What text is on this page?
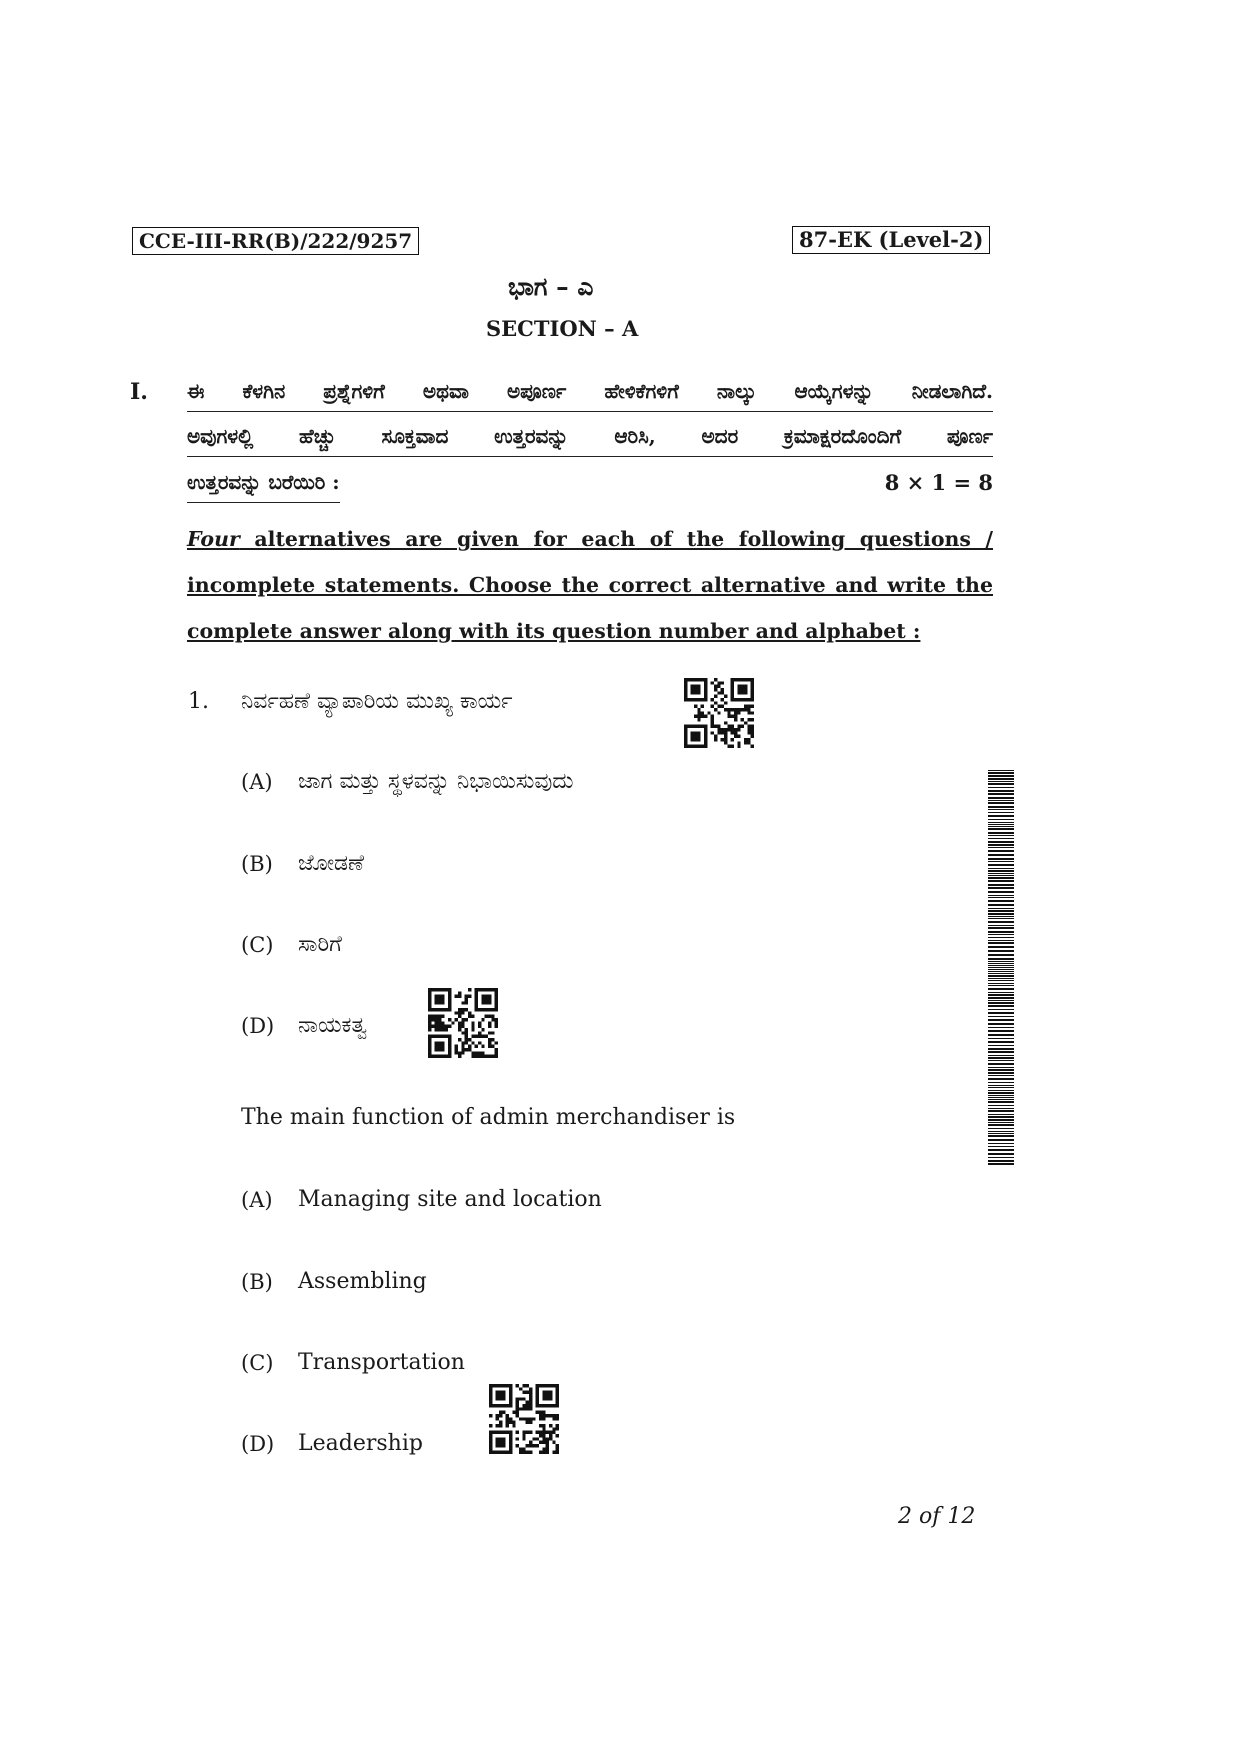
CCE-III-RR(B)/222/9257	87-EK (Level-2)
ಭಾಗ – ಎ
SECTION – A
I. ಈ ಕೆಳಗಿನ ಪ್ರಶ್ನೆಗಳಿಗೆ ಅಥವಾ ಅಪೂರ್ಣ ಹೇಳಿಕೆಗಳಿಗೆ ನಾಲ್ಕು ಆಯ್ಕೆಗಳನ್ನು ನೀಡಲಾಗಿದೆ.
ಅವುಗಳಲ್ಲಿ ಹೆಚ್ಚು ಸೂಕ್ತವಾದ ಉತ್ತರವನ್ನು ಆರಿಸಿ, ಅದರ ಕ್ರಮಾಕ್ಷರದೊಂದಿಗೆ ಪೂರ್ಣ
ಉತ್ತರವನ್ನು ಬರೆಯಿರಿ :	8 × 1 = 8
Four alternatives are given for each of the following questions /
incomplete statements. Choose the correct alternative and write the
complete answer along with its question number and alphabet :
1. ನಿರ್ವಹಣೆ ವ್ಯಾಪಾರಿಯ ಮುಖ್ಯ ಕಾರ್ಯ
(A) ಜಾಗ ಮತ್ತು ಸ್ಥಳವನ್ನು ನಿಭಾಯಿಸುವುದು
(B) ಜೋಡಣೆ
(C) ಸಾರಿಗೆ
(D) ನಾಯಕತ್ವ
The main function of admin merchandiser is
(A) Managing site and location
(B) Assembling
(C) Transportation
(D) Leadership
2 of 12
